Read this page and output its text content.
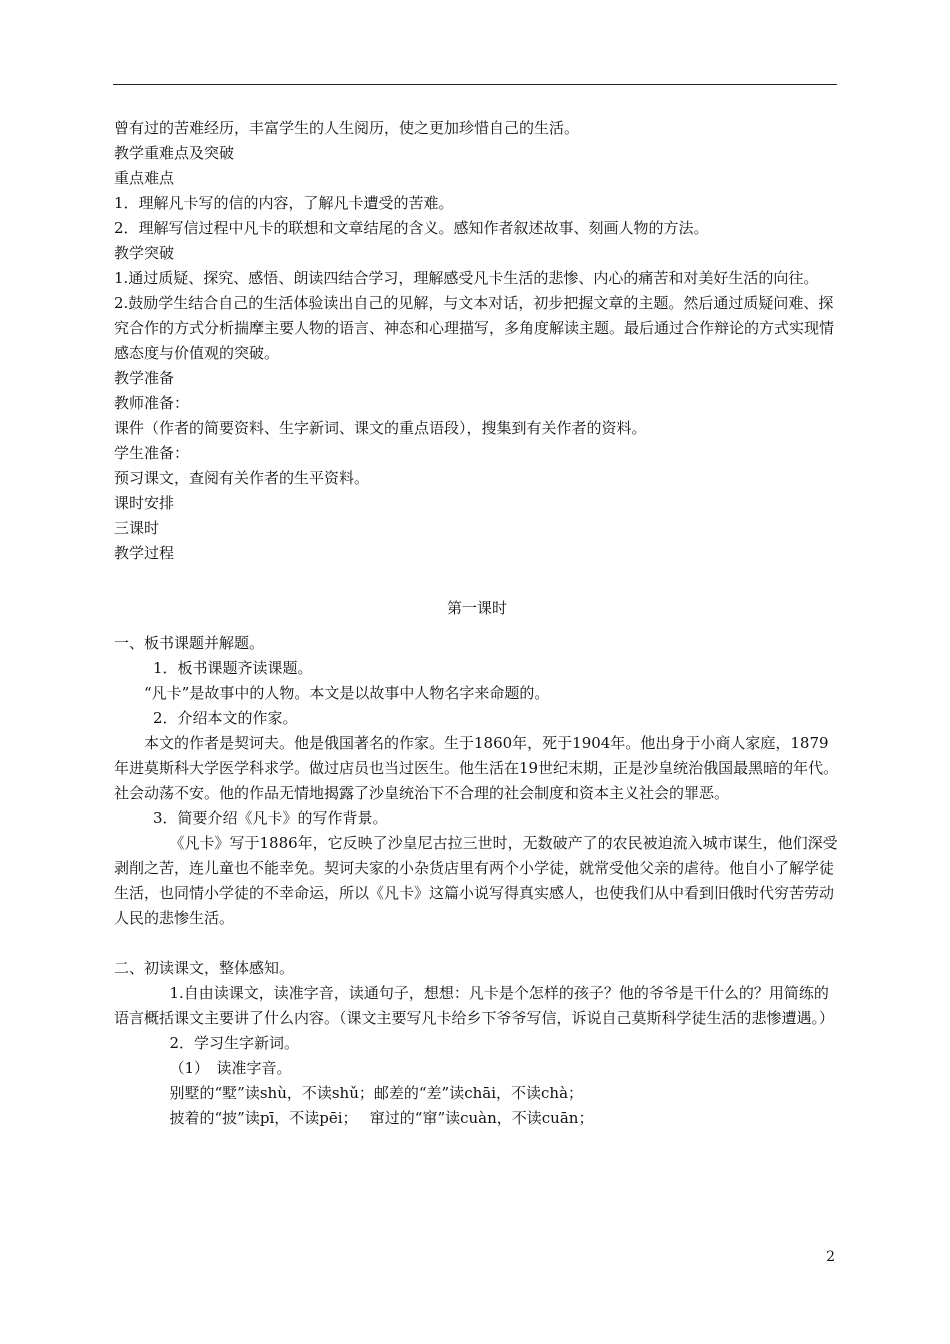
曾有过的苦难经历，丰富学生的人生阅历，使之更加珍惜自己的生活。

教学重难点及突破

重点难点

1．理解凡卡写的信的内容，了解凡卡遭受的苦难。

2．理解写信过程中凡卡的联想和文章结尾的含义。感知作者叙述故事、刻画人物的方法。

教学突破

1.通过质疑、探究、感悟、朗读四结合学习，理解感受凡卡生活的悲惨、内心的痛苦和对美好生活的向往。

2.鼓励学生结合自己的生活体验读出自己的见解，与文本对话，初步把握文章的主题。然后通过质疑问难、探究合作的方式分析揣摩主要人物的语言、神态和心理描写，多角度解读主题。最后通过合作辩论的方式实现情感态度与价值观的突破。

教学准备

教师准备：

课件（作者的简要资料、生字新词、课文的重点语段），搜集到有关作者的资料。

学生准备：

预习课文，查阅有关作者的生平资料。

课时安排

三课时

教学过程

第一课时

一、板书课题并解题。

1．板书课题齐读课题。

“凡卡”是故事中的人物。本文是以故事中人物名字来命题的。

2．介绍本文的作家。

本文的作者是契诃夫。他是俄国著名的作家。生于1860年，死于1904年。他出身于小商人家庭，1879年进莫斯科大学医学科求学。做过店员也当过医生。他生活在19世纪末期，正是沙皇统治俄国最黑暗的年代。社会动荡不安。他的作品无情地揭露了沙皇统治下不合理的社会制度和资本主义社会的罪恶。

3．简要介绍《凡卡》的写作背景。

《凡卡》写于1886年，它反映了沙皇尼古拉三世时，无数破产了的农民被迫流入城市谋生，他们深受剥削之苦，连儿童也不能幸免。契诃夫家的小杂货店里有两个小学徒，就常受他父亲的虐待。他自小了解学徒生活，也同情小学徒的不幸命运，所以《凡卡》这篇小说写得真实感人，也使我们从中看到旧俄时代穷苦劳动人民的悲惨生活。

二、初读课文，整体感知。

1.自由读课文，读准字音，读通句子，想想：凡卡是个怎样的孩子？他的爷爷是干什么的？用简练的语言概括课文主要讲了什么内容。（课文主要写凡卡给乡下爷爷写信，诉说自己莫斯科学徒生活的悲惨遭遇。）

2．学习生字新词。

（1）　读准字音。

别墅的“墅”读shù，不读shǔ；邮差的“差”读chāi，不读chà；

披着的“披”读pī，不读pēi；　 窜过的“窜”读cuàn，不读cuān；

2
